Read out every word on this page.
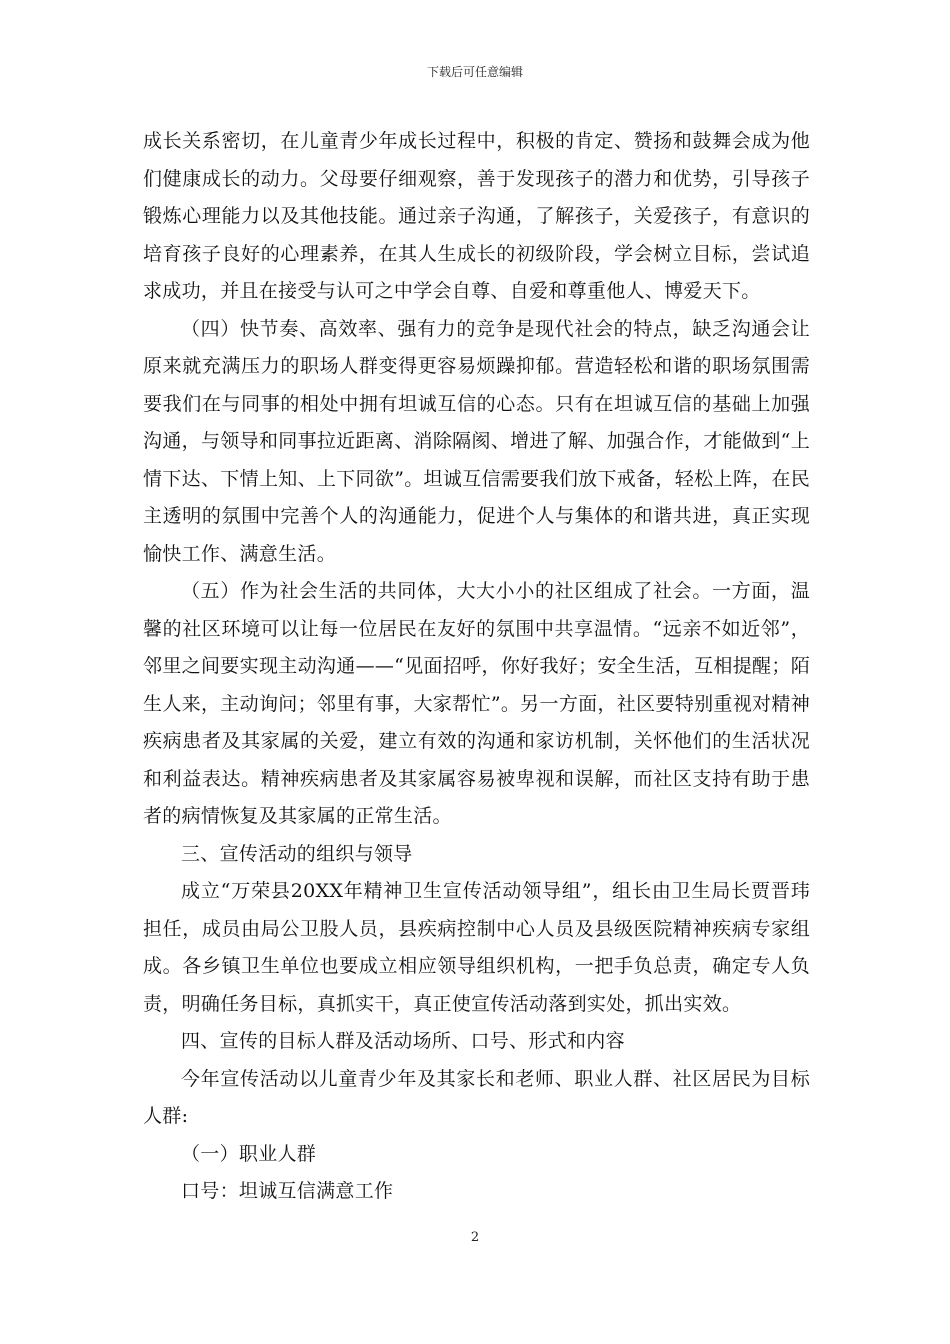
下载后可任意编辑

成长关系密切，在儿童青少年成长过程中，积极的肯定、赞扬和鼓舞会成为他们健康成长的动力。父母要仔细观察，善于发现孩子的潜力和优势，引导孩子锻炼心理能力以及其他技能。通过亲子沟通，了解孩子，关爱孩子，有意识的培育孩子良好的心理素养，在其人生成长的初级阶段，学会树立目标，尝试追求成功，并且在接受与认可之中学会自尊、自爱和尊重他人、博爱天下。

（四）快节奏、高效率、强有力的竞争是现代社会的特点，缺乏沟通会让原来就充满压力的职场人群变得更容易烦躁抑郁。营造轻松和谐的职场氛围需要我们在与同事的相处中拥有坦诚互信的心态。只有在坦诚互信的基础上加强沟通，与领导和同事拉近距离、消除隔阂、增进了解、加强合作，才能做到“上情下达、下情上知、上下同欲”。坦诚互信需要我们放下戒备，轻松上阵，在民主透明的氛围中完善个人的沟通能力，促进个人与集体的和谐共进，真正实现愉快工作、满意生活。

（五）作为社会生活的共同体，大大小小的社区组成了社会。一方面，温馨的社区环境可以让每一位居民在友好的氛围中共享温情。“远亲不如近邻”，邻里之间要实现主动沟通——“见面招呼，你好我好；安全生活，互相提醒；陌生人来，主动询问；邻里有事，大家帮忙”。另一方面，社区要特别重视对精神疾病患者及其家属的关爱，建立有效的沟通和家访机制，关怀他们的生活状况和利益表达。精神疾病患者及其家属容易被卑视和误解，而社区支持有助于患者的病情恢复及其家属的正常生活。

三、宣传活动的组织与领导

成立“万荣县20XX年精神卫生宣传活动领导组”，组长由卫生局长贾晋玮担任，成员由局公卫股人员，县疾病控制中心人员及县级医院精神疾病专家组成。各乡镇卫生单位也要成立相应领导组织机构，一把手负总责，确定专人负责，明确任务目标，真抓实干，真正使宣传活动落到实处，抓出实效。

四、宣传的目标人群及活动场所、口号、形式和内容

今年宣传活动以儿童青少年及其家长和老师、职业人群、社区居民为目标人群:

（一）职业人群

口号：坦诚互信满意工作

2
